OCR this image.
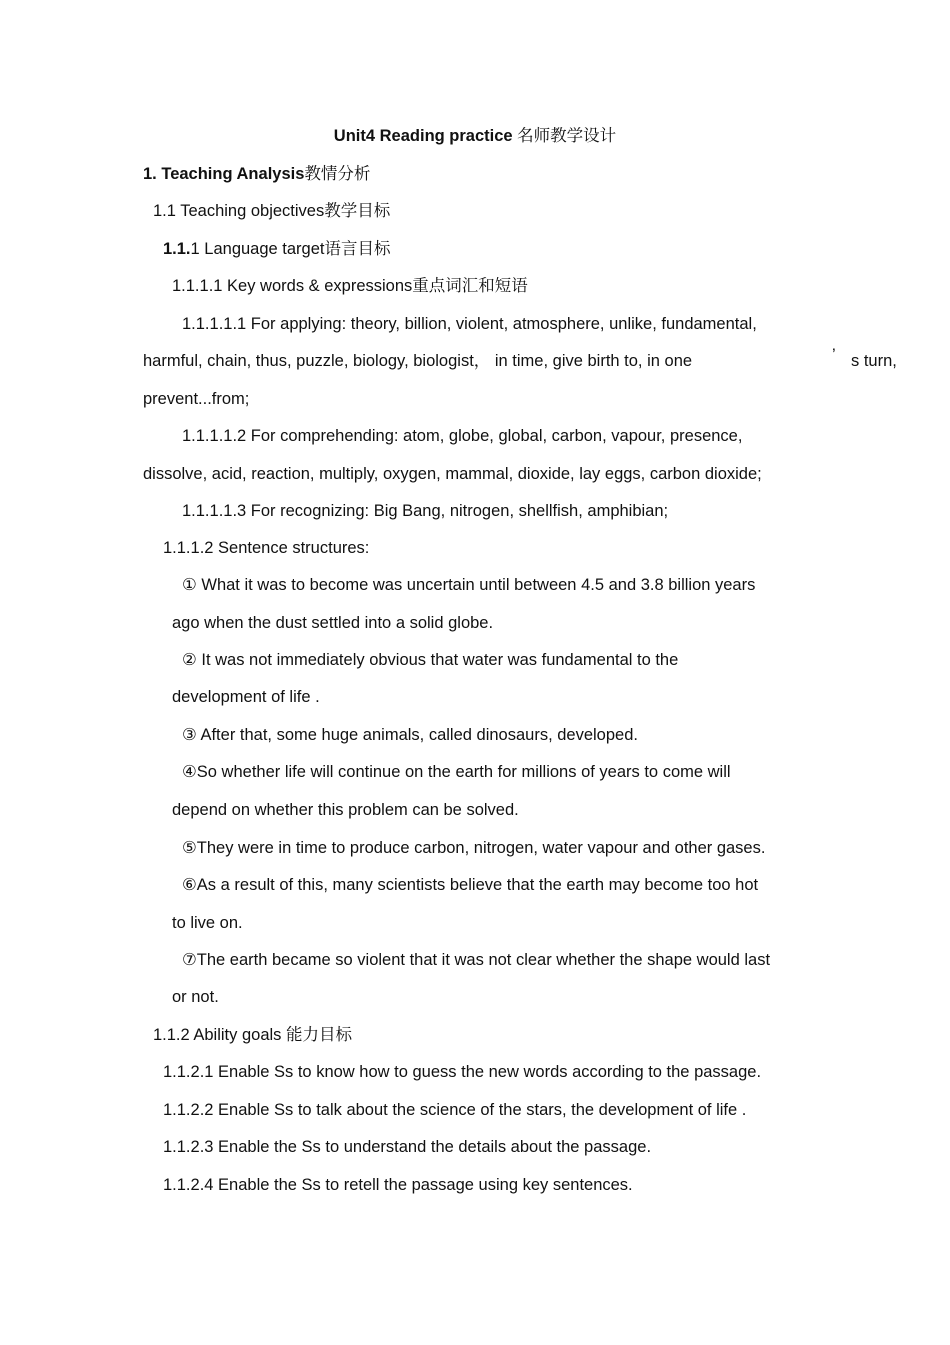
Unit4 Reading practice 名师教学设计
1. Teaching Analysis教情分析
1.1 Teaching objectives教学目标
1.1.1 Language target语言目标
1.1.1.1 Key words & expressions重点词汇和短语
1.1.1.1.1 For applying: theory, billion, violent, atmosphere, unlike, fundamental,
harmful, chain, thus, puzzle, biology, biologist， in time, give birth to, in one	’ s turn,
prevent...from;
1.1.1.1.2 For comprehending: atom, globe, global, carbon, vapour, presence,
dissolve, acid, reaction, multiply, oxygen, mammal, dioxide, lay eggs, carbon dioxide;
1.1.1.1.3 For recognizing: Big Bang, nitrogen, shellfish, amphibian;
1.1.1.2 Sentence structures:
① What it was to become was uncertain until between 4.5 and 3.8 billion years
ago when the dust settled into a solid globe.
② It was not immediately obvious that water was fundamental to the
development of life .
③ After that, some huge animals, called dinosaurs, developed.
④So whether life will continue on the earth for millions of years to come will
depend on whether this problem can be solved.
⑤They were in time to produce carbon, nitrogen, water vapour and other gases.
⑥As a result of this, many scientists believe that the earth may become too hot
to live on.
⑦The earth became so violent that it was not clear whether the shape would last
or not.
1.1.2 Ability goals 能力目标
1.1.2.1 Enable Ss to know how to guess the new words according to the passage.
1.1.2.2 Enable Ss to talk about the science of the stars, the development of life .
1.1.2.3 Enable the Ss to understand the details about the passage.
1.1.2.4 Enable the Ss to retell the passage using key sentences.
